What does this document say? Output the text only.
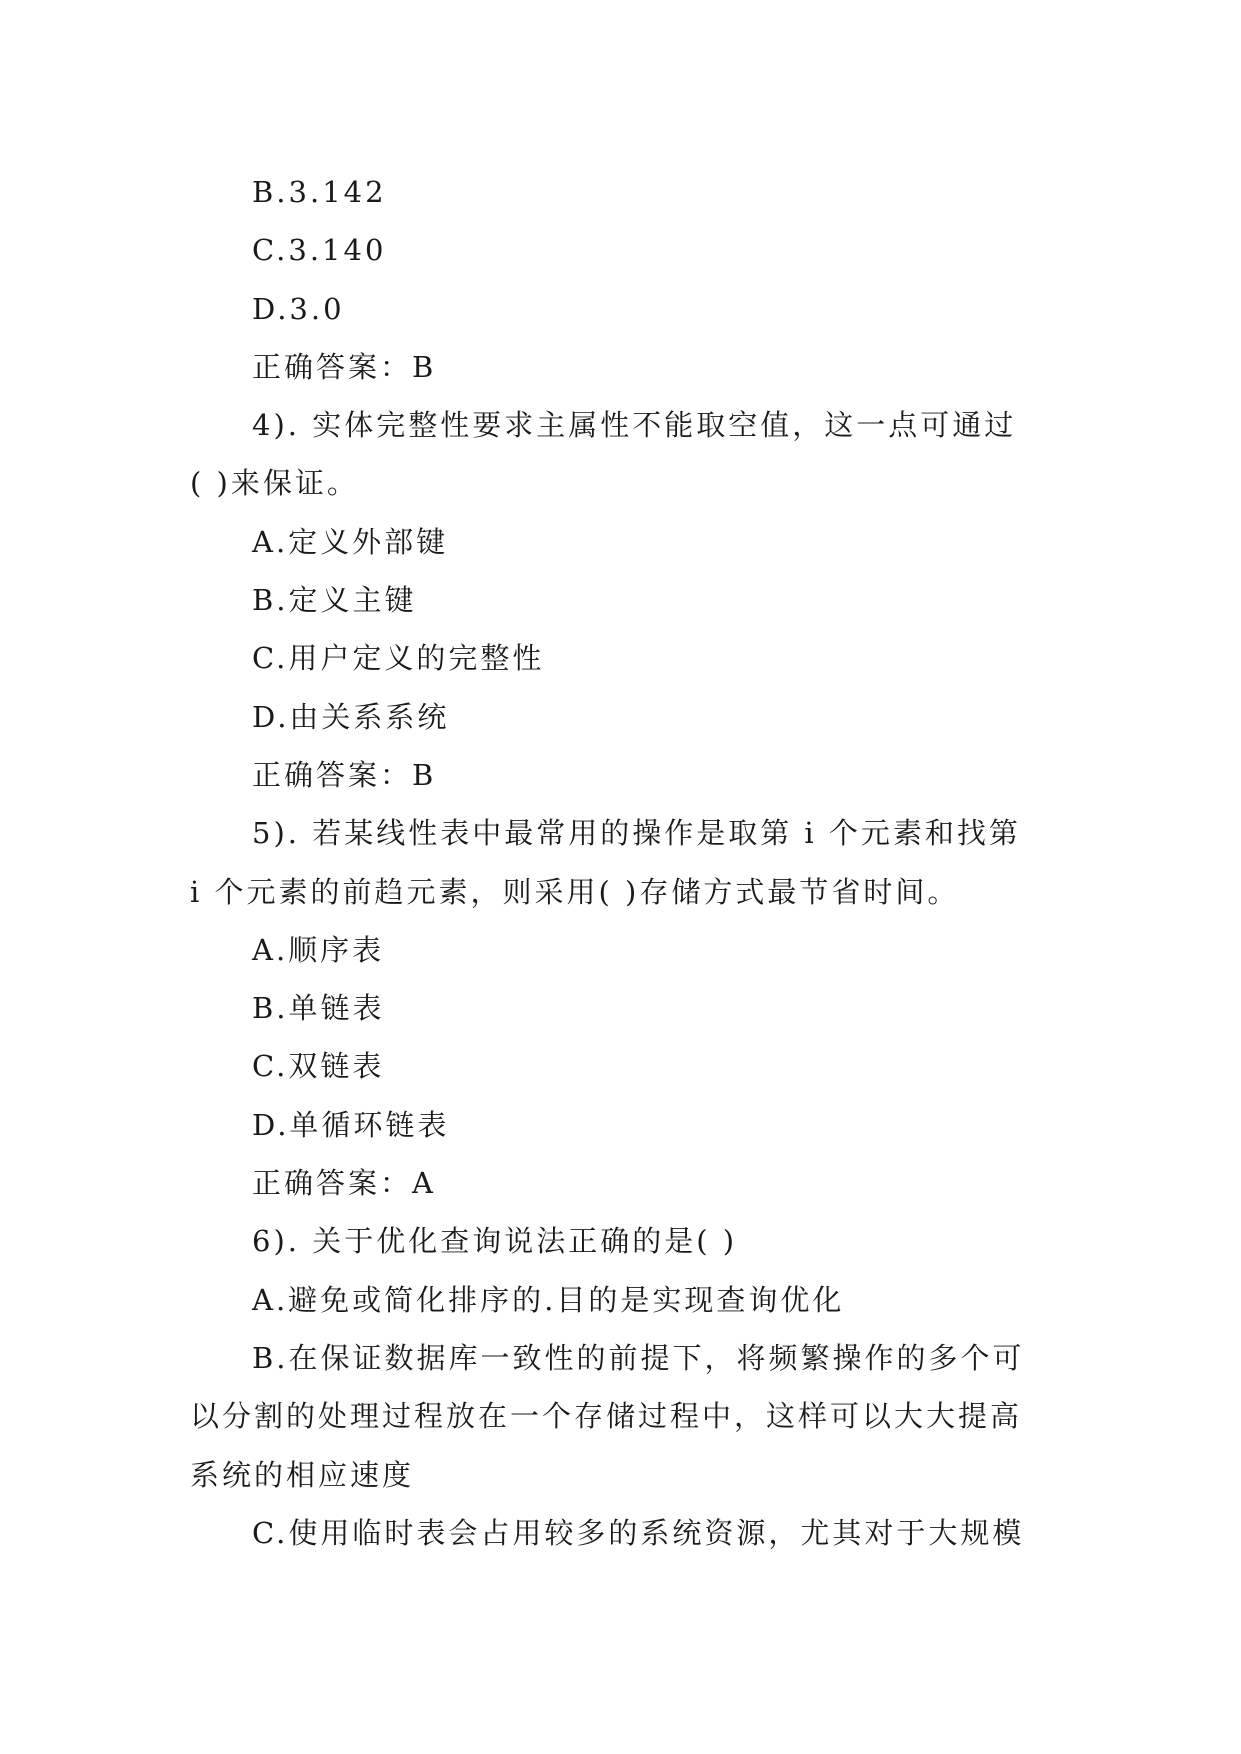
B.3.142
C.3.140
D.3.0
正确答案：B
4). 实体完整性要求主属性不能取空值，这一点可通过
( )来保证。
A.定义外部键
B.定义主键
C.用户定义的完整性
D.由关系系统
正确答案：B
5). 若某线性表中最常用的操作是取第 i 个元素和找第
i 个元素的前趋元素，则采用( )存储方式最节省时间。
A.顺序表
B.单链表
C.双链表
D.单循环链表
正确答案：A
6). 关于优化查询说法正确的是( )
A.避免或简化排序的.目的是实现查询优化
B.在保证数据库一致性的前提下，将频繁操作的多个可
以分割的处理过程放在一个存储过程中，这样可以大大提高
系统的相应速度
C.使用临时表会占用较多的系统资源，尤其对于大规模
